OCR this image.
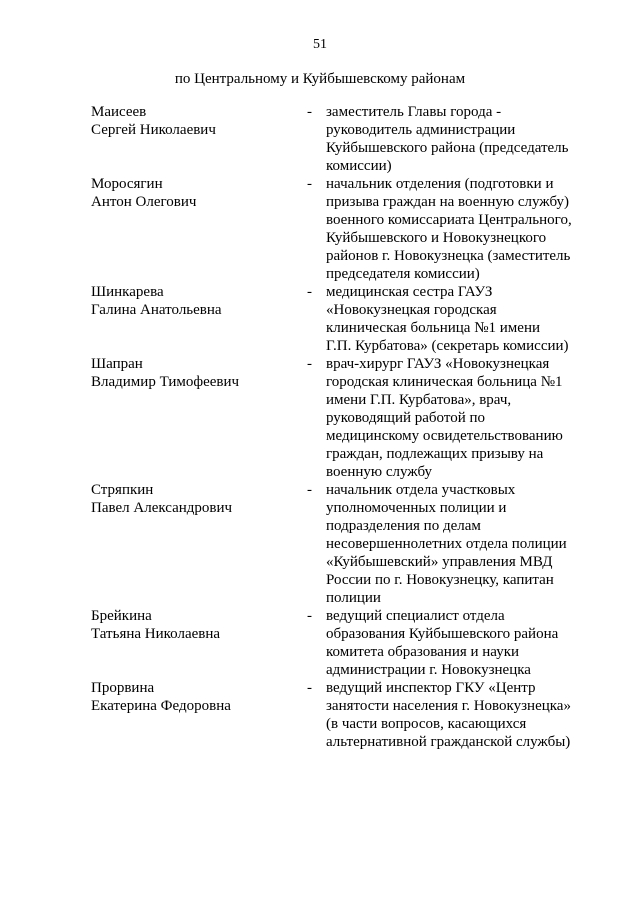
51
по Центральному и Куйбышевскому районам
Маисеев
Сергей Николаевич
- заместитель Главы города -
руководитель администрации
Куйбышевского района (председатель
комиссии)
Моросягин
Антон Олегович
- начальник отделения (подготовки и
призыва граждан на военную службу)
военного комиссариата Центрального,
Куйбышевского и Новокузнецкого
районов г. Новокузнецка (заместитель
председателя комиссии)
Шинкарева
Галина Анатольевна
- медицинская сестра ГАУЗ
«Новокузнецкая городская
клиническая больница №1 имени
Г.П. Курбатова» (секретарь комиссии)
Шапран
Владимир Тимофеевич
- врач-хирург ГАУЗ «Новокузнецкая
городская клиническая больница №1
имени Г.П. Курбатова», врач,
руководящий работой по
медицинскому освидетельствованию
граждан, подлежащих призыву на
военную службу
Стряпкин
Павел Александрович
- начальник отдела участковых
уполномоченных полиции и
подразделения по делам
несовершеннолетних отдела полиции
«Куйбышевский» управления МВД
России по г. Новокузнецку, капитан
полиции
Брейкина
Татьяна Николаевна
- ведущий специалист отдела
образования Куйбышевского района
комитета образования и науки
администрации г. Новокузнецка
Прорвина
Екатерина Федоровна
- ведущий инспектор ГКУ «Центр
занятости населения г. Новокузнецка»
(в части вопросов, касающихся
альтернативной гражданской службы)
